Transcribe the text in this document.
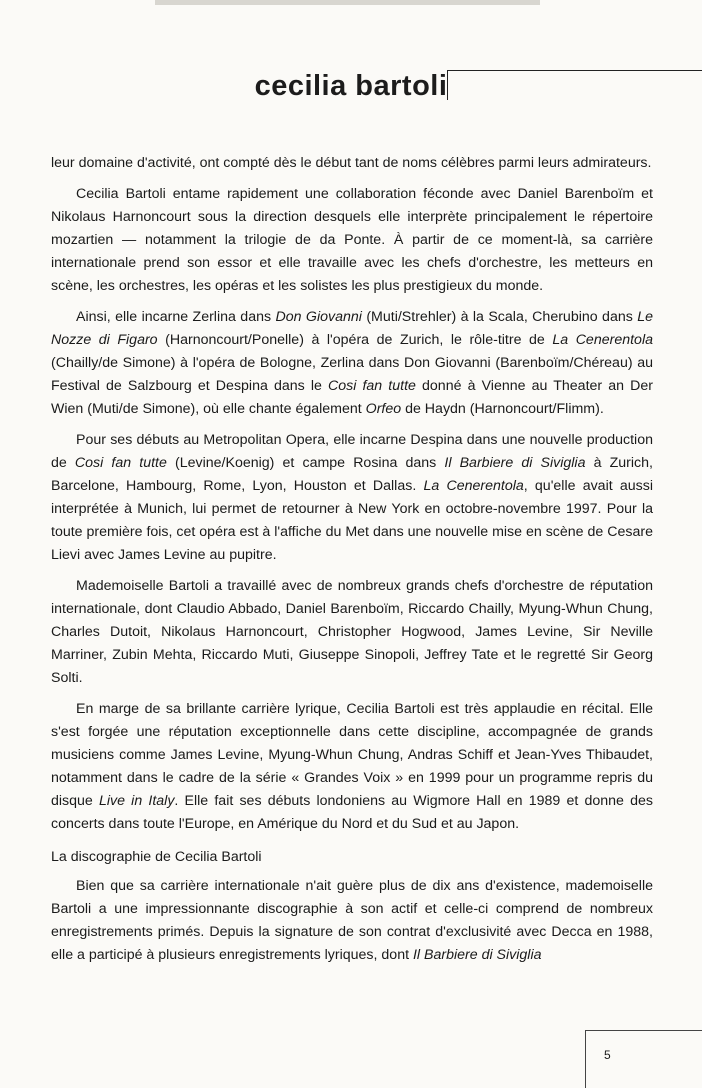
cecilia bartoli

leur domaine d'activité, ont compté dès le début tant de noms célèbres parmi leurs admirateurs.

Cecilia Bartoli entame rapidement une collaboration féconde avec Daniel Barenboïm et Nikolaus Harnoncourt sous la direction desquels elle interprète principalement le répertoire mozartien — notamment la trilogie de da Ponte. À partir de ce moment-là, sa carrière internationale prend son essor et elle travaille avec les chefs d'orchestre, les metteurs en scène, les orchestres, les opéras et les solistes les plus prestigieux du monde.

Ainsi, elle incarne Zerlina dans Don Giovanni (Muti/Strehler) à la Scala, Cherubino dans Le Nozze di Figaro (Harnoncourt/Ponelle) à l'opéra de Zurich, le rôle-titre de La Cenerentola (Chailly/de Simone) à l'opéra de Bologne, Zerlina dans Don Giovanni (Barenboïm/Chéreau) au Festival de Salzbourg et Despina dans le Cosi fan tutte donné à Vienne au Theater an Der Wien (Muti/de Simone), où elle chante également Orfeo de Haydn (Harnoncourt/Flimm).

Pour ses débuts au Metropolitan Opera, elle incarne Despina dans une nouvelle production de Cosi fan tutte (Levine/Koenig) et campe Rosina dans Il Barbiere di Siviglia à Zurich, Barcelone, Hambourg, Rome, Lyon, Houston et Dallas. La Cenerentola, qu'elle avait aussi interprétée à Munich, lui permet de retourner à New York en octobre-novembre 1997. Pour la toute première fois, cet opéra est à l'affiche du Met dans une nouvelle mise en scène de Cesare Lievi avec James Levine au pupitre.

Mademoiselle Bartoli a travaillé avec de nombreux grands chefs d'orchestre de réputation internationale, dont Claudio Abbado, Daniel Barenboïm, Riccardo Chailly, Myung-Whun Chung, Charles Dutoit, Nikolaus Harnoncourt, Christopher Hogwood, James Levine, Sir Neville Marriner, Zubin Mehta, Riccardo Muti, Giuseppe Sinopoli, Jeffrey Tate et le regretté Sir Georg Solti.

En marge de sa brillante carrière lyrique, Cecilia Bartoli est très applaudie en récital. Elle s'est forgée une réputation exceptionnelle dans cette discipline, accompagnée de grands musiciens comme James Levine, Myung-Whun Chung, Andras Schiff et Jean-Yves Thibaudet, notamment dans le cadre de la série « Grandes Voix » en 1999 pour un programme repris du disque Live in Italy. Elle fait ses débuts londoniens au Wigmore Hall en 1989 et donne des concerts dans toute l'Europe, en Amérique du Nord et du Sud et au Japon.

La discographie de Cecilia Bartoli

Bien que sa carrière internationale n'ait guère plus de dix ans d'existence, mademoiselle Bartoli a une impressionnante discographie à son actif et celle-ci comprend de nombreux enregistrements primés. Depuis la signature de son contrat d'exclusivité avec Decca en 1988, elle a participé à plusieurs enregistrements lyriques, dont Il Barbiere di Siviglia

5
